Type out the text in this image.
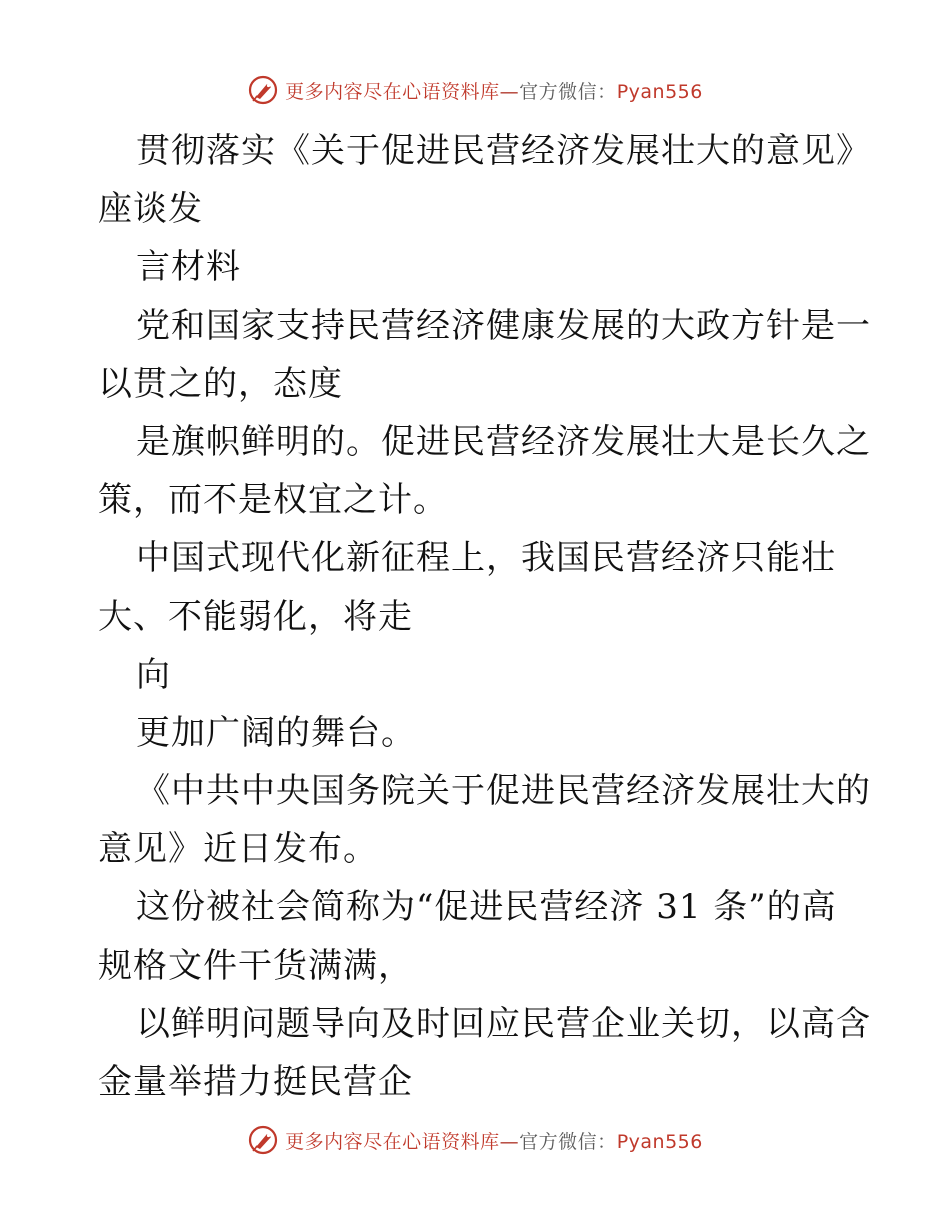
更多内容尽在心语资料库—官方微信：Pyan556
贯彻落实《关于促进民营经济发展壮大的意见》
座谈发
言材料
党和国家支持民营经济健康发展的大政方针是一
以贯之的，态度
是旗帜鲜明的。促进民营经济发展壮大是长久之
策，而不是权宜之计。
中国式现代化新征程上，我国民营经济只能壮
大、不能弱化，将走
向
更加广阔的舞台。
《中共中央国务院关于促进民营经济发展壮大的
意见》近日发布。
这份被社会简称为“促进民营经济 31 条”的高
规格文件干货满满，
以鲜明问题导向及时回应民营企业关切，以高含
金量举措力挺民营企
更多内容尽在心语资料库—官方微信：Pyan556
